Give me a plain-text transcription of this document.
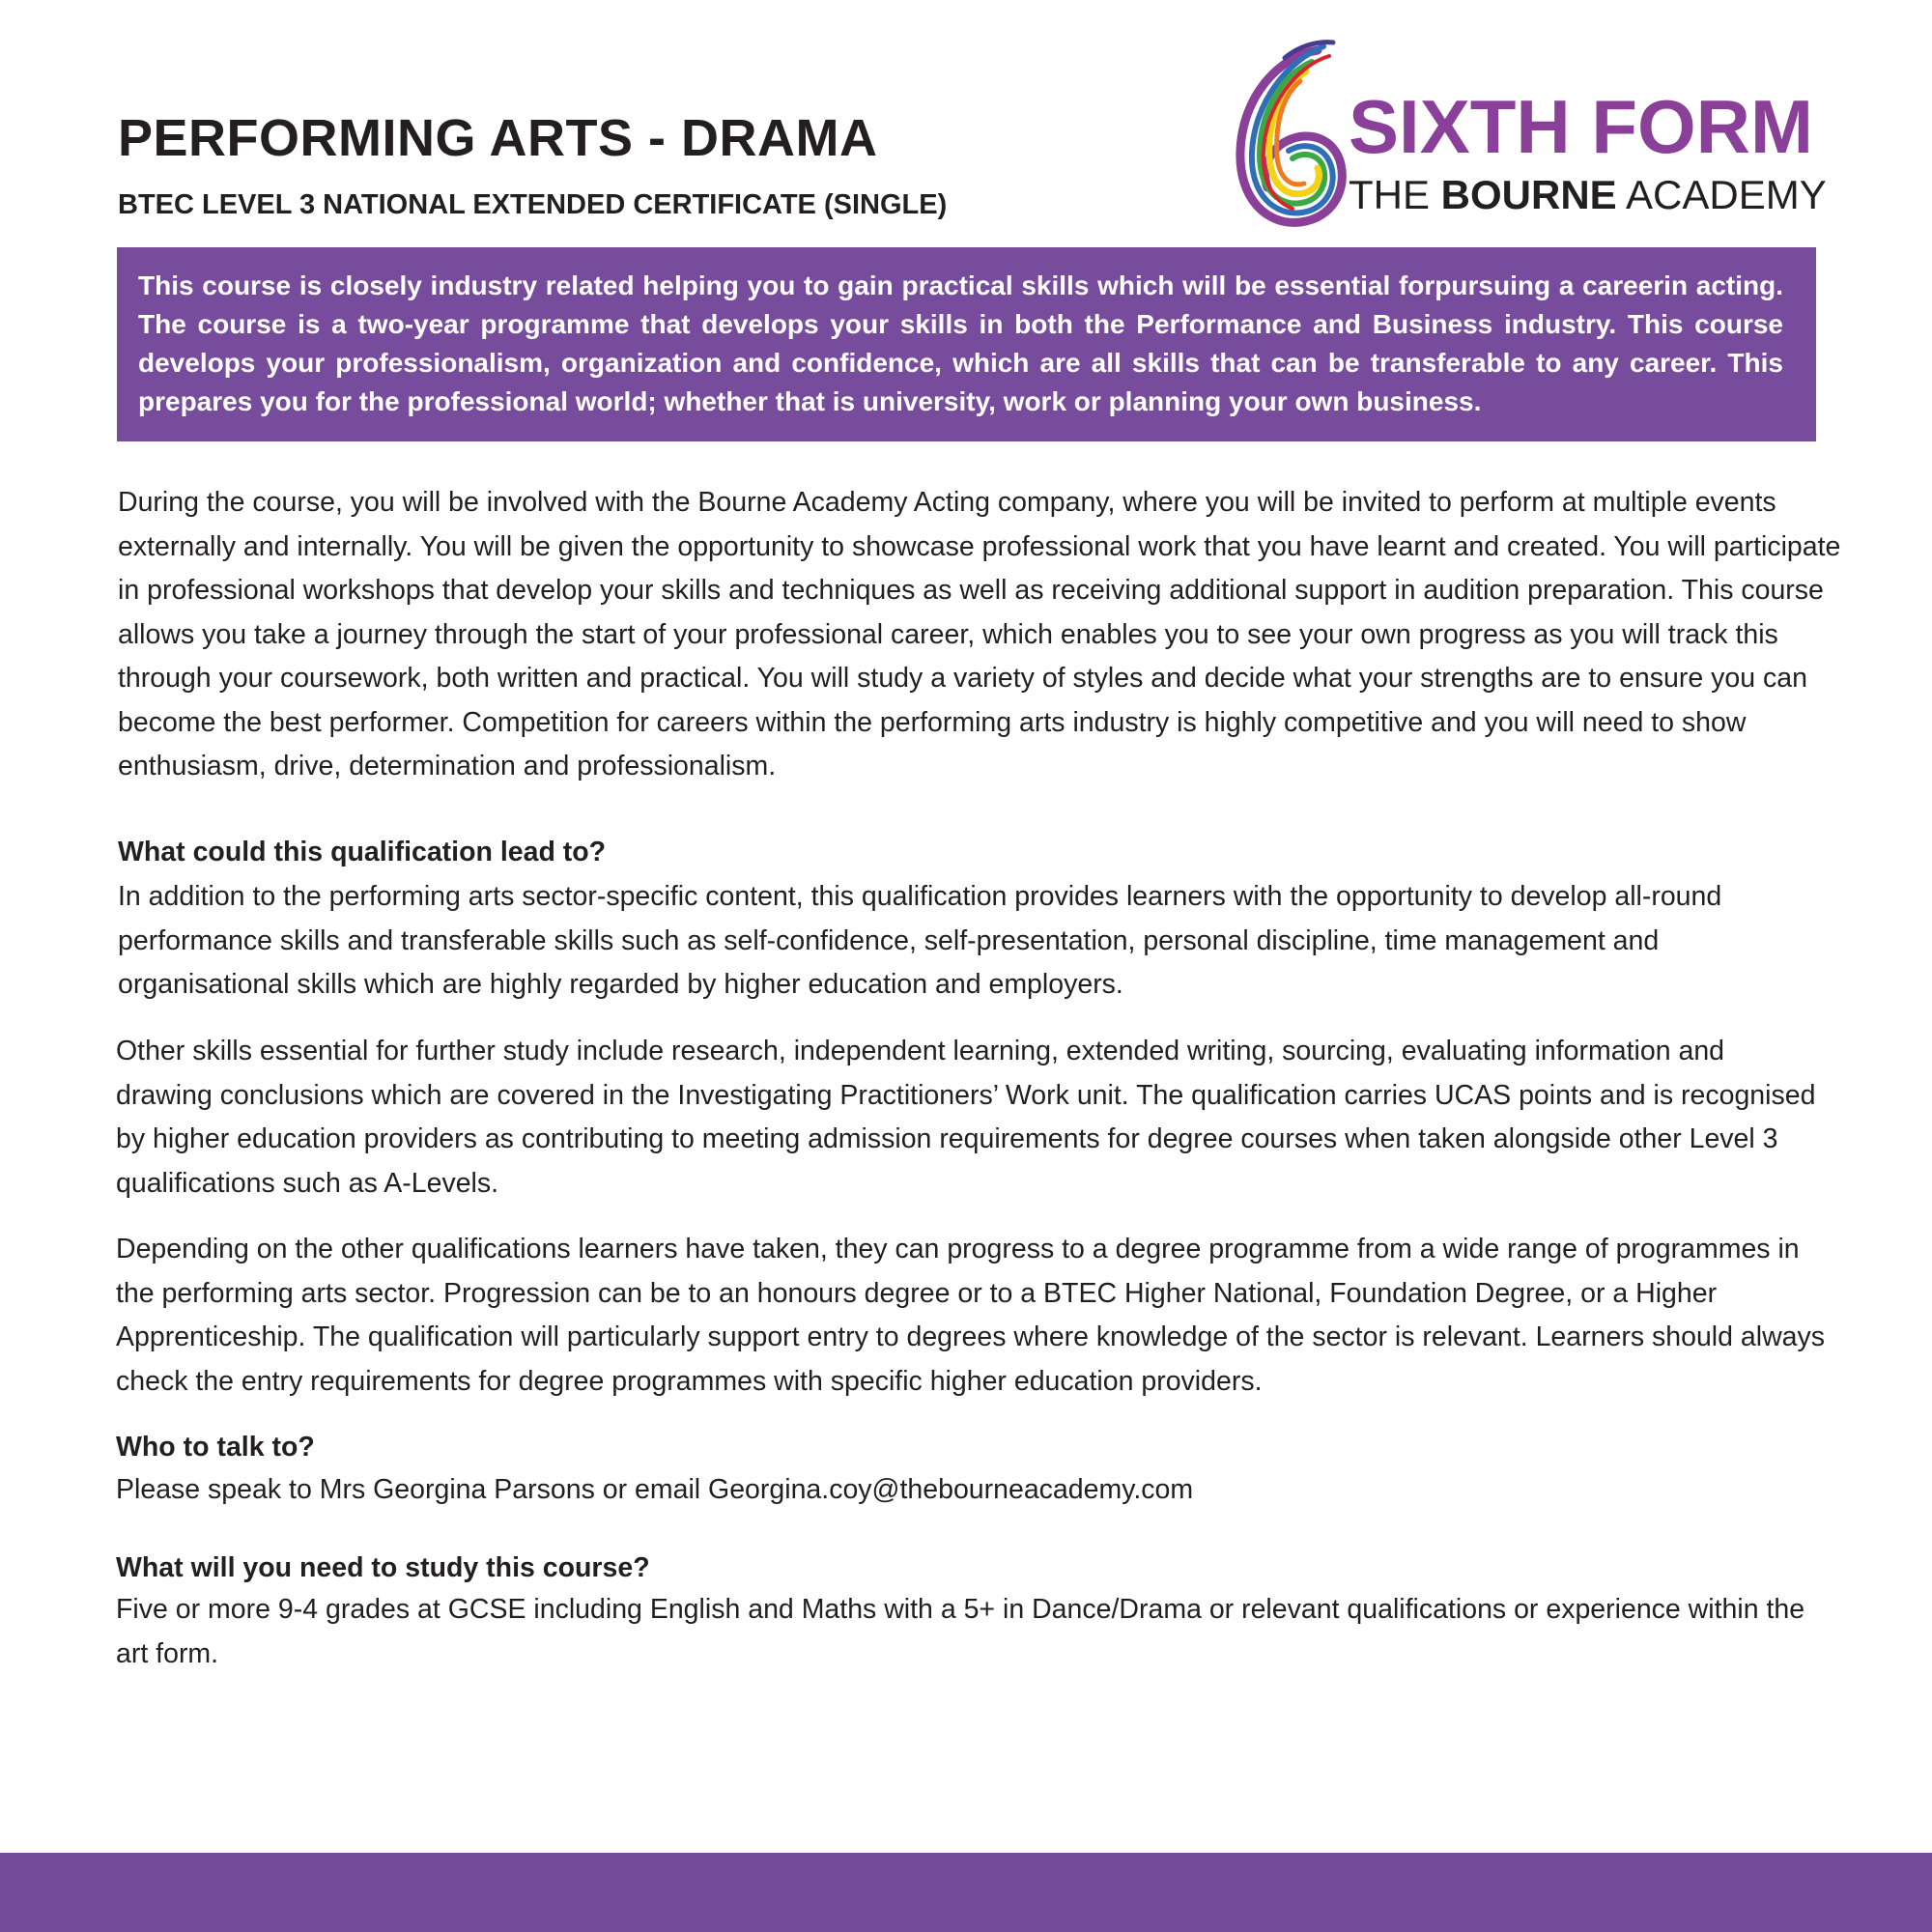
PERFORMING ARTS - DRAMA
BTEC LEVEL 3 NATIONAL EXTENDED CERTIFICATE (SINGLE)
SIXTH FORM
THE BOURNE ACADEMY

This course is closely industry related helping you to gain practical skills which will be essential forpursuing a careerin acting. The course is a two-year programme that develops your skills in both the Performance and Business industry. This course develops your professionalism, organization and confidence, which are all skills that can be transferable to any career. This prepares you for the professional world; whether that is university, work or planning your own business.

During the course, you will be involved with the Bourne Academy Acting company, where you will be invited to perform at multiple events externally and internally. You will be given the opportunity to showcase professional work that you have learnt and created. You will participate in professional workshops that develop your skills and techniques as well as receiving additional support in audition preparation. This course allows you take a journey through the start of your professional career, which enables you to see your own progress as you will track this through your coursework, both written and practical. You will study a variety of styles and decide what your strengths are to ensure you can become the best performer. Competition for careers within the performing arts industry is highly competitive and you will need to show enthusiasm, drive, determination and professionalism.

What could this qualification lead to?

In addition to the performing arts sector-specific content, this qualification provides learners with the opportunity to develop all-round performance skills and transferable skills such as self-confidence, self-presentation, personal discipline, time management and organisational skills which are highly regarded by higher education and employers.

Other skills essential for further study include research, independent learning, extended writing, sourcing, evaluating information and drawing conclusions which are covered in the Investigating Practitioners’ Work unit. The qualification carries UCAS points and is recognised by higher education providers as contributing to meeting admission requirements for degree courses when taken alongside other Level 3 qualifications such as A-Levels.

Depending on the other qualifications learners have taken, they can progress to a degree programme from a wide range of programmes in the performing arts sector. Progression can be to an honours degree or to a BTEC Higher National, Foundation Degree, or a Higher Apprenticeship. The qualification will particularly support entry to degrees where knowledge of the sector is relevant. Learners should always check the entry requirements for degree programmes with specific higher education providers.

Who to talk to?

Please speak to Mrs Georgina Parsons or email Georgina.coy@thebourneacademy.com

What will you need to study this course?

Five or more 9-4 grades at GCSE including English and Maths with a 5+ in Dance/Drama or relevant qualifications or experience within the art form.
